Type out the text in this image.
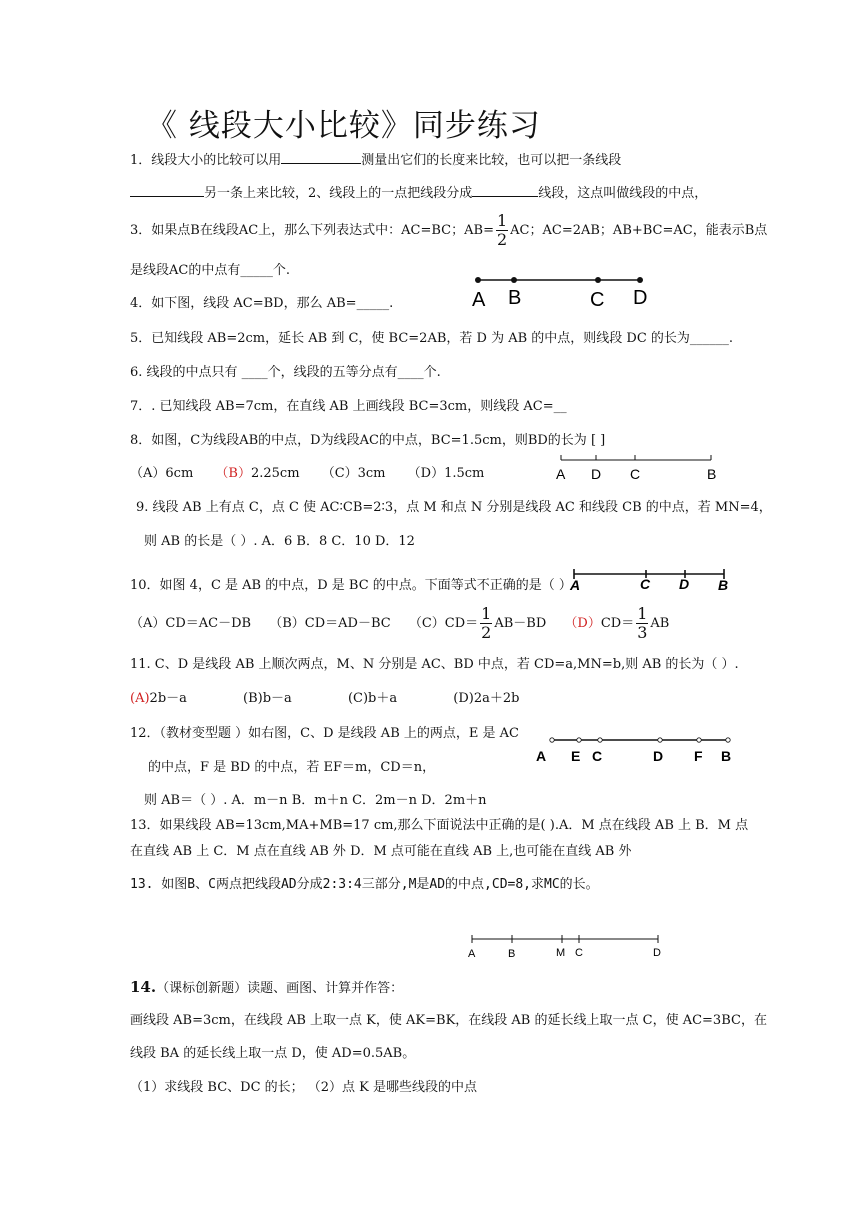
《 线段大小比较》同步练习
1．线段大小的比较可以用	测量出它们的长度来比较，也可以把一条线段
另一条上来比较，2、线段上的一点把线段分成	线段，这点叫做线段的中点，
3．如果点B在线段AC上，那么下列表达式中：AC=BC；$AB= \frac{1}{2}$ AC；AC=2AB；AB+BC=AC，能表示B点
是线段AC的中点有_____个.
A B	C D
4．如下图，线段 AC=BD，那么 AB=_____.
5．已知线段 AB=2cm，延长 AB 到 C，使 BC=2AB，若 D 为 AB 的中点，则线段 DC 的长为______.
6. 线段的中点只有 ____个，线段的五等分点有____个.
7．. 已知线段 AB=7cm，在直线 AB 上画线段 BC=3cm，则线段 AC=__
8．如图，C为线段AB的中点，D为线段AC的中点，BC=1.5cm，则BD的长为 [ ]
（A）6cm （B）2.25cm （C）3cm （D）1.5cm	A D C	B
9. 线段 AB 上有点 C，点 C 使 AC∶CB=2∶3，点 M 和点 N 分别是线段 AC 和线段 CB 的中点，若 MN=4，
则 AB 的长是（ ）. A．6 B．8 C．10 D．12
A	C D B
10．如图 4，C 是 AB 的中点，D 是 BC 的中点。下面等式不正确的是（ ）
（A）CD＝AC－DB （B）CD＝AD－BC $(C)CD= \frac{1}{2} AB-BD$ $(D)CD= \frac{1}{3}$ AB
11. C、D 是线段 AB 上顺次两点，M、N 分别是 AC、BD 中点，若 CD=a,MN=b,则 AB 的长为（ ）.
(A)2b－a	(B)b－a	(C)b＋a	(D)2a＋2b
12．（教材变型题 ）如右图，C、D 是线段 AB 上的两点，E 是 AC
的中点，F 是 BD 的中点，若 EF＝m，CD＝n，
则 AB＝（ ）. A．m－n B．m＋n C．2m－n D．2m＋n
A E C	D F B
13．如果线段 AB=13cm,MA+MB=17 cm,那么下面说法中正确的是( ).A．M 点在线段 AB 上 B．M 点
在直线 AB 上 C．M 点在直线 AB 外 D．M 点可能在直线 AB 上,也可能在直线 AB 外
13. 如图B、C两点把线段AD分成2:3:4三部分,M是AD的中点,CD=8,求MC的长。
A	B	M C	D
14.（课标创新题）读题、画图、计算并作答：
画线段 AB=3cm，在线段 AB 上取一点 K，使 AK=BK，在线段 AB 的延长线上取一点 C，使 AC=3BC，在
线段 BA 的延长线上取一点 D，使 AD=0.5AB。
（1）求线段 BC、DC 的长； （2）点 K 是哪些线段的中点
